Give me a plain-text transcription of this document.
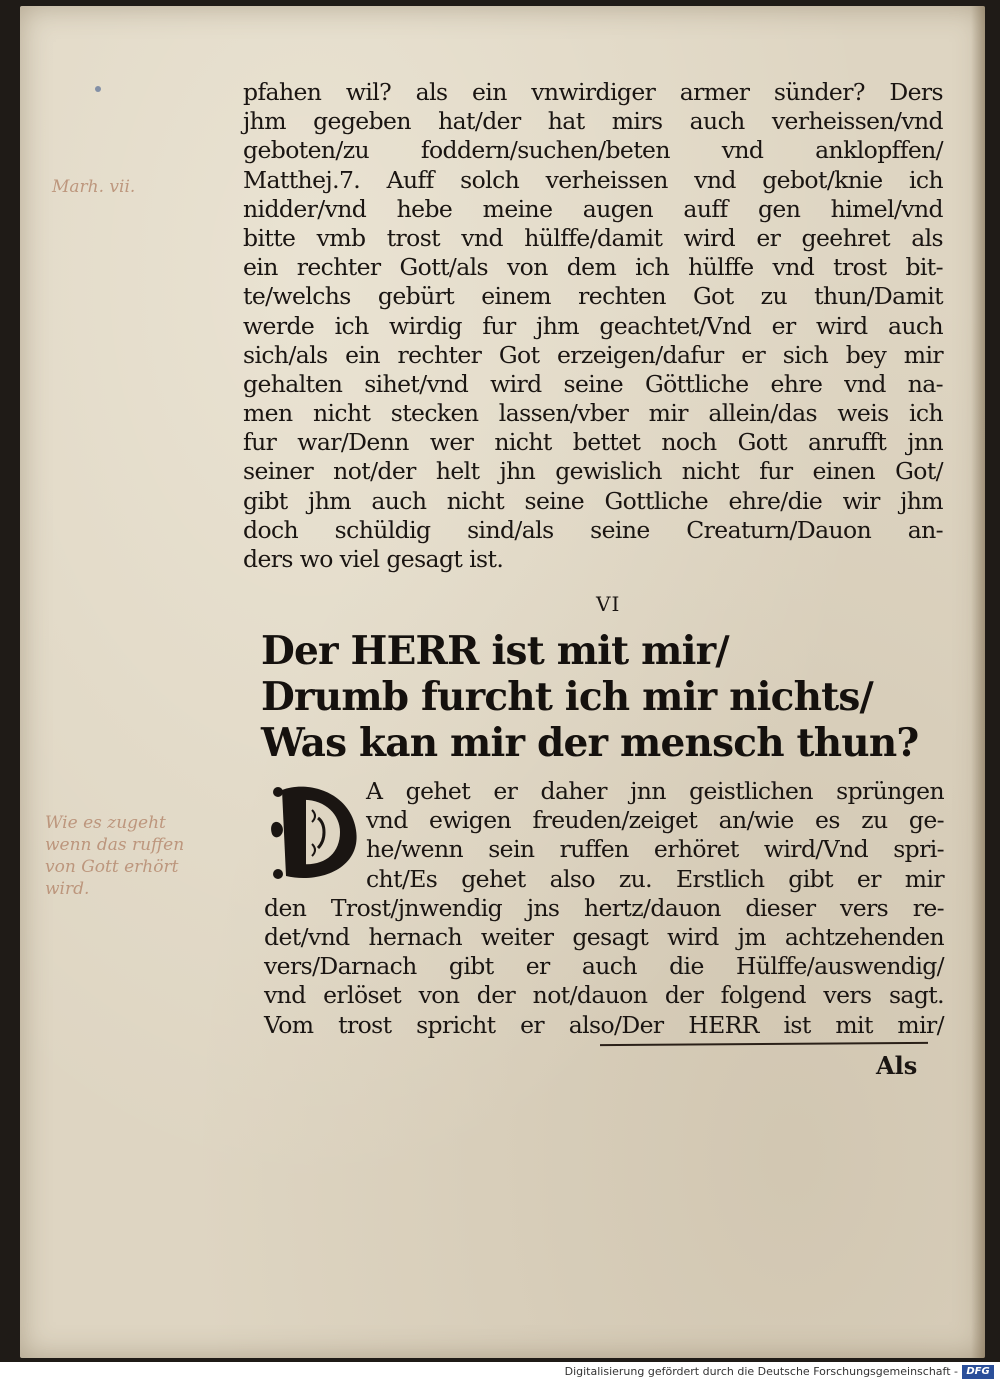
Marh. vii.
Wie es zugeht
wenn das ruffen
von Gott erhört
wird.
pfahen wil? als ein vnwirdiger armer sünder? Ders
jhm gegeben hat/der hat mirs auch verheissen/vnd
geboten/zu foddern/suchen/beten vnd anklopffen/
Matthej.7. Auff solch verheissen vnd gebot/knie ich
nidder/vnd hebe meine augen auff gen himel/vnd
bitte vmb trost vnd hülffe/damit wird er geehret als
ein rechter Gott/als von dem ich hülffe vnd trost bit-
te/welchs gebürt einem rechten Got zu thun/Damit
werde ich wirdig fur jhm geachtet/Vnd er wird auch
sich/als ein rechter Got erzeigen/dafur er sich bey mir
gehalten sihet/vnd wird seine Göttliche ehre vnd na-
men nicht stecken lassen/vber mir allein/das weis ich
fur war/Denn wer nicht bettet noch Gott anrufft jnn
seiner not/der helt jhn gewislich nicht fur einen Got/
gibt jhm auch nicht seine Gottliche ehre/die wir jhm
doch schüldig sind/als seine Creaturn/Dauon an-
ders wo viel gesagt ist.
VI
Der HERR ist mit mir/
Drumb furcht ich mir nichts/
Was kan mir der mensch thun?
A gehet er daher jnn geistlichen sprüngen
vnd ewigen freuden/zeiget an/wie es zu ge-
he/wenn sein ruffen erhöret wird/Vnd spri-
cht/Es gehet also zu. Erstlich gibt er mir
den Trost/jnwendig jns hertz/dauon dieser vers re-
det/vnd hernach weiter gesagt wird jm achtzehenden
vers/Darnach gibt er auch die Hülffe/auswendig/
vnd erlöset von der not/dauon der folgend vers sagt.
Vom trost spricht er also/Der HERR ist mit mir/
Als
Digitalisierung gefördert durch die Deutsche Forschungsgemeinschaft - DFG
